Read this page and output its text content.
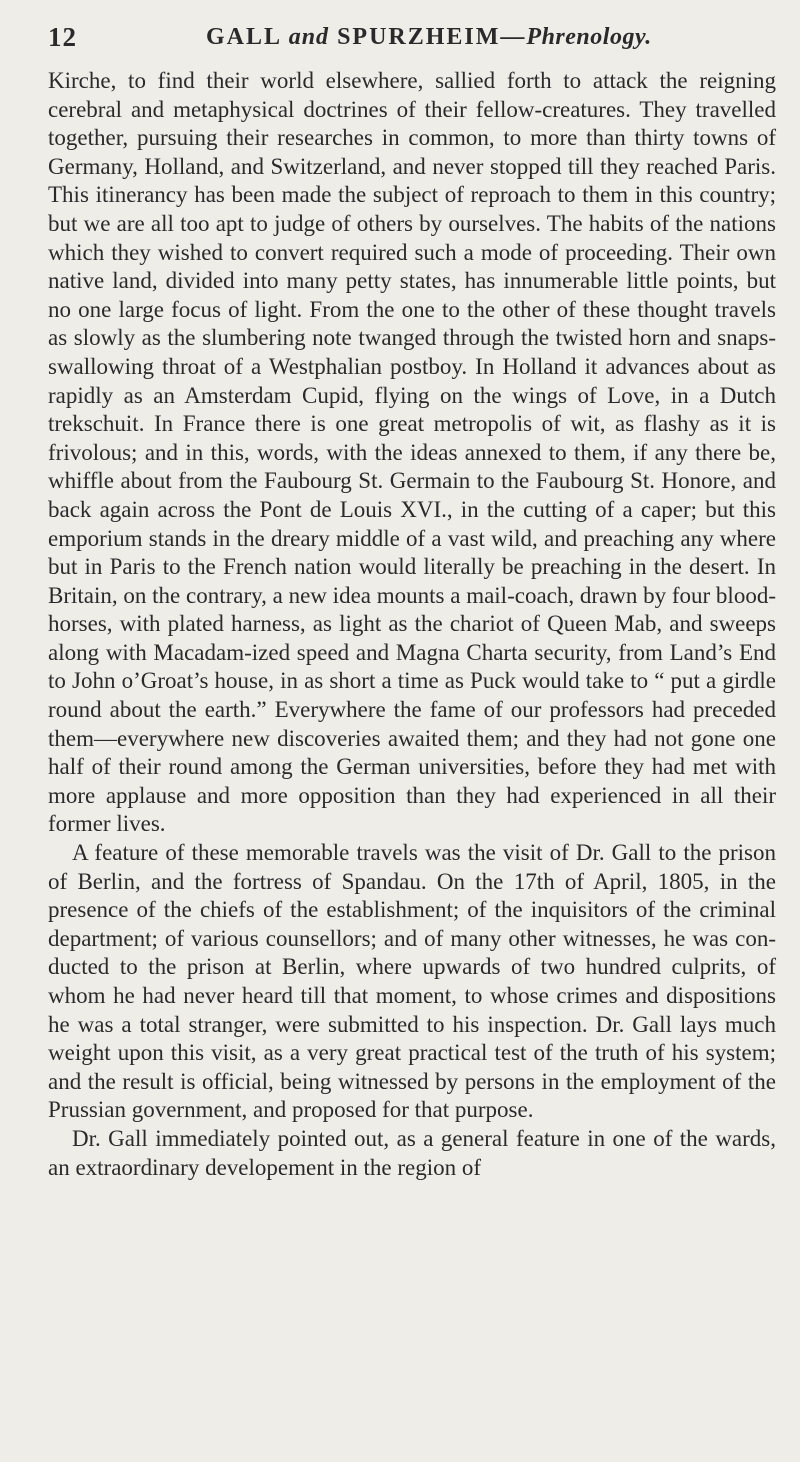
12	GALL and SPURZHEIM—Phrenology.

Kirche, to find their world elsewhere, sallied forth to attack the reigning cerebral and metaphysical doctrines of their fellow-creatures. They travelled together, pursuing their researches in common, to more than thirty towns of Germany, Holland, and Switzerland, and never stopped till they reached Paris. This itinerancy has been made the subject of reproach to them in this country; but we are all too apt to judge of others by ourselves. The habits of the nations which they wished to convert required such a mode of proceeding. Their own native land, divided into many petty states, has innumerable little points, but no one large focus of light. From the one to the other of these thought travels as slowly as the slumbering note twanged through the twisted horn and snaps-swallowing throat of a Westphalian postboy. In Holland it advances about as rapidly as an Amsterdam Cupid, flying on the wings of Love, in a Dutch trekschuit. In France there is one great metropolis of wit, as flashy as it is frivolous; and in this, words, with the ideas annexed to them, if any there be, whiffle about from the Faubourg St. Germain to the Faubourg St. Honore, and back again across the Pont de Louis XVI., in the cutting of a caper; but this emporium stands in the dreary middle of a vast wild, and preaching any where but in Paris to the French nation would literally be preaching in the desert. In Britain, on the contrary, a new idea mounts a mail-coach, drawn by four blood-horses, with plated harness, as light as the chariot of Queen Mab, and sweeps along with Macadam-ized speed and Magna Charta security, from Land’s End to John o’Groat’s house, in as short a time as Puck would take to “ put a girdle round about the earth.” Everywhere the fame of our professors had preceded them—everywhere new discoveries awaited them; and they had not gone one half of their round among the German universities, before they had met with more applause and more opposition than they had experienced in all their former lives.

A feature of these memorable travels was the visit of Dr. Gall to the prison of Berlin, and the fortress of Spandau. On the 17th of April, 1805, in the presence of the chiefs of the establishment; of the inquisitors of the criminal department; of various counsellors; and of many other witnesses, he was con-ducted to the prison at Berlin, where upwards of two hundred culprits, of whom he had never heard till that moment, to whose crimes and dispositions he was a total stranger, were submitted to his inspection. Dr. Gall lays much weight upon this visit, as a very great practical test of the truth of his system; and the result is official, being witnessed by persons in the employment of the Prussian government, and proposed for that purpose.

Dr. Gall immediately pointed out, as a general feature in one of the wards, an extraordinary developement in the region of
